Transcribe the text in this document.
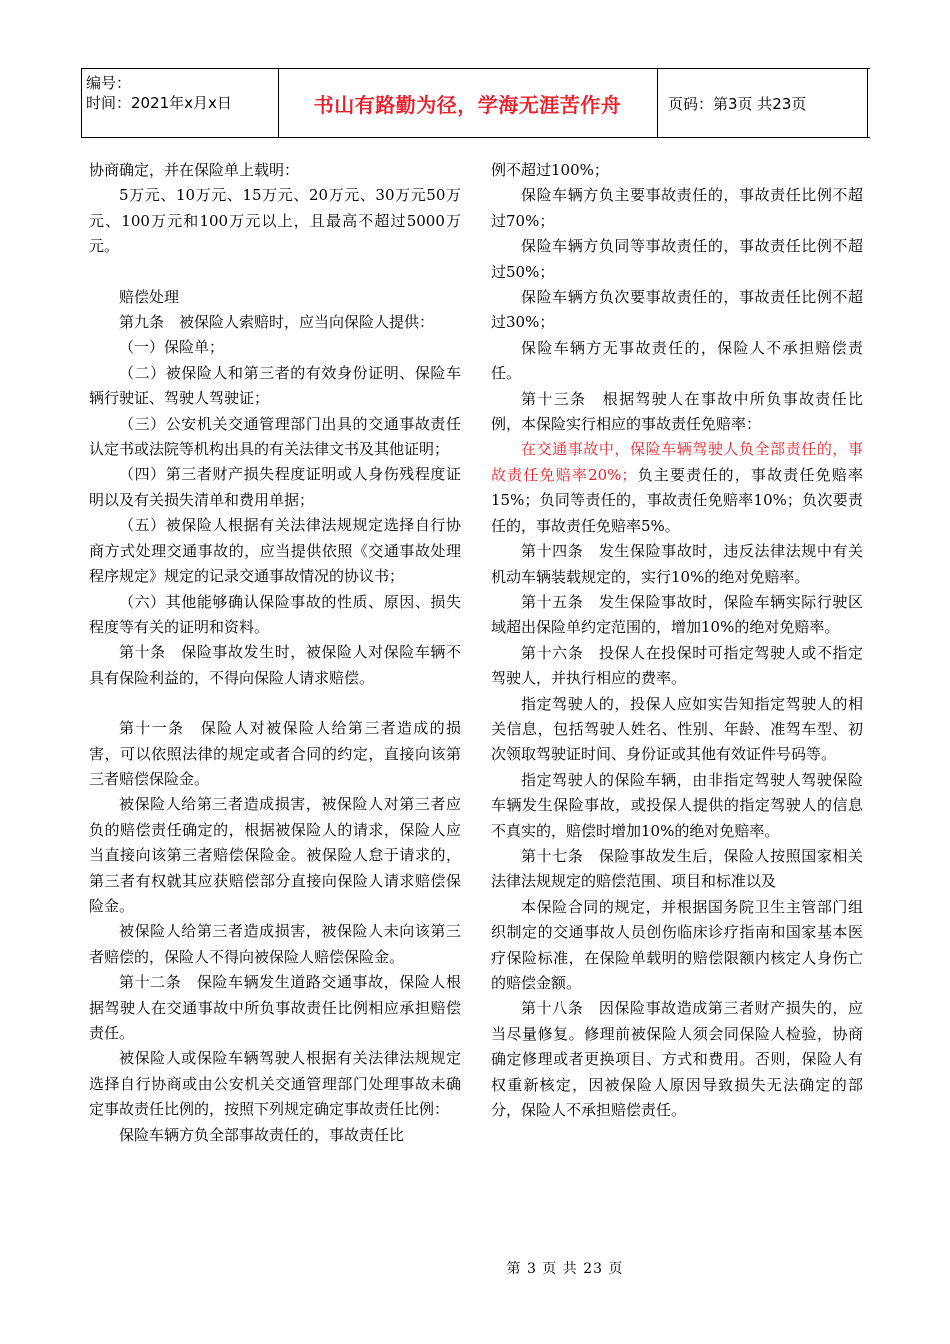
编号：
时间：2021年x月x日	书山有路勤为径，学海无涯苦作舟	页码：第3页 共23页

协商确定，并在保险单上载明：

5万元、10万元、15万元、20万元、30万元50万元、100万元和100万元以上，且最高不超过5000万元。

赔偿处理

第九条　被保险人索赔时，应当向保险人提供：

（一）保险单；

（二）被保险人和第三者的有效身份证明、保险车辆行驶证、驾驶人驾驶证；

（三）公安机关交通管理部门出具的交通事故责任认定书或法院等机构出具的有关法律文书及其他证明；

（四）第三者财产损失程度证明或人身伤残程度证明以及有关损失清单和费用单据；

（五）被保险人根据有关法律法规规定选择自行协商方式处理交通事故的，应当提供依照《交通事故处理程序规定》规定的记录交通事故情况的协议书；

（六）其他能够确认保险事故的性质、原因、损失程度等有关的证明和资料。

第十条　保险事故发生时，被保险人对保险车辆不具有保险利益的，不得向保险人请求赔偿。

第十一条　保险人对被保险人给第三者造成的损害，可以依照法律的规定或者合同的约定，直接向该第三者赔偿保险金。

被保险人给第三者造成损害，被保险人对第三者应负的赔偿责任确定的，根据被保险人的请求，保险人应当直接向该第三者赔偿保险金。被保险人怠于请求的，第三者有权就其应获赔偿部分直接向保险人请求赔偿保险金。

被保险人给第三者造成损害，被保险人未向该第三者赔偿的，保险人不得向被保险人赔偿保险金。

第十二条　保险车辆发生道路交通事故，保险人根据驾驶人在交通事故中所负事故责任比例相应承担赔偿责任。

被保险人或保险车辆驾驶人根据有关法律法规规定选择自行协商或由公安机关交通管理部门处理事故未确定事故责任比例的，按照下列规定确定事故责任比例：

保险车辆方负全部事故责任的，事故责任比

例不超过100%；

保险车辆方负主要事故责任的，事故责任比例不超过70%；

保险车辆方负同等事故责任的，事故责任比例不超过50%；

保险车辆方负次要事故责任的，事故责任比例不超过30%；

保险车辆方无事故责任的，保险人不承担赔偿责任。

第十三条　根据驾驶人在事故中所负事故责任比例，本保险实行相应的事故责任免赔率：

在交通事故中，保险车辆驾驶人负全部责任的，事故责任免赔率20%；负主要责任的，事故责任免赔率15%；负同等责任的，事故责任免赔率10%；负次要责任的，事故责任免赔率5%。

第十四条　发生保险事故时，违反法律法规中有关机动车辆装载规定的，实行10%的绝对免赔率。

第十五条　发生保险事故时，保险车辆实际行驶区域超出保险单约定范围的，增加10%的绝对免赔率。

第十六条　投保人在投保时可指定驾驶人或不指定驾驶人，并执行相应的费率。

指定驾驶人的，投保人应如实告知指定驾驶人的相关信息，包括驾驶人姓名、性别、年龄、准驾车型、初次领取驾驶证时间、身份证或其他有效证件号码等。

指定驾驶人的保险车辆，由非指定驾驶人驾驶保险车辆发生保险事故，或投保人提供的指定驾驶人的信息不真实的，赔偿时增加10%的绝对免赔率。

第十七条　保险事故发生后，保险人按照国家相关法律法规规定的赔偿范围、项目和标准以及

本保险合同的规定，并根据国务院卫生主管部门组织制定的交通事故人员创伤临床诊疗指南和国家基本医疗保险标准，在保险单载明的赔偿限额内核定人身伤亡的赔偿金额。

第十八条　因保险事故造成第三者财产损失的，应当尽量修复。修理前被保险人须会同保险人检验，协商确定修理或者更换项目、方式和费用。否则，保险人有权重新核定，因被保险人原因导致损失无法确定的部分，保险人不承担赔偿责任。

第 3 页 共 23 页
